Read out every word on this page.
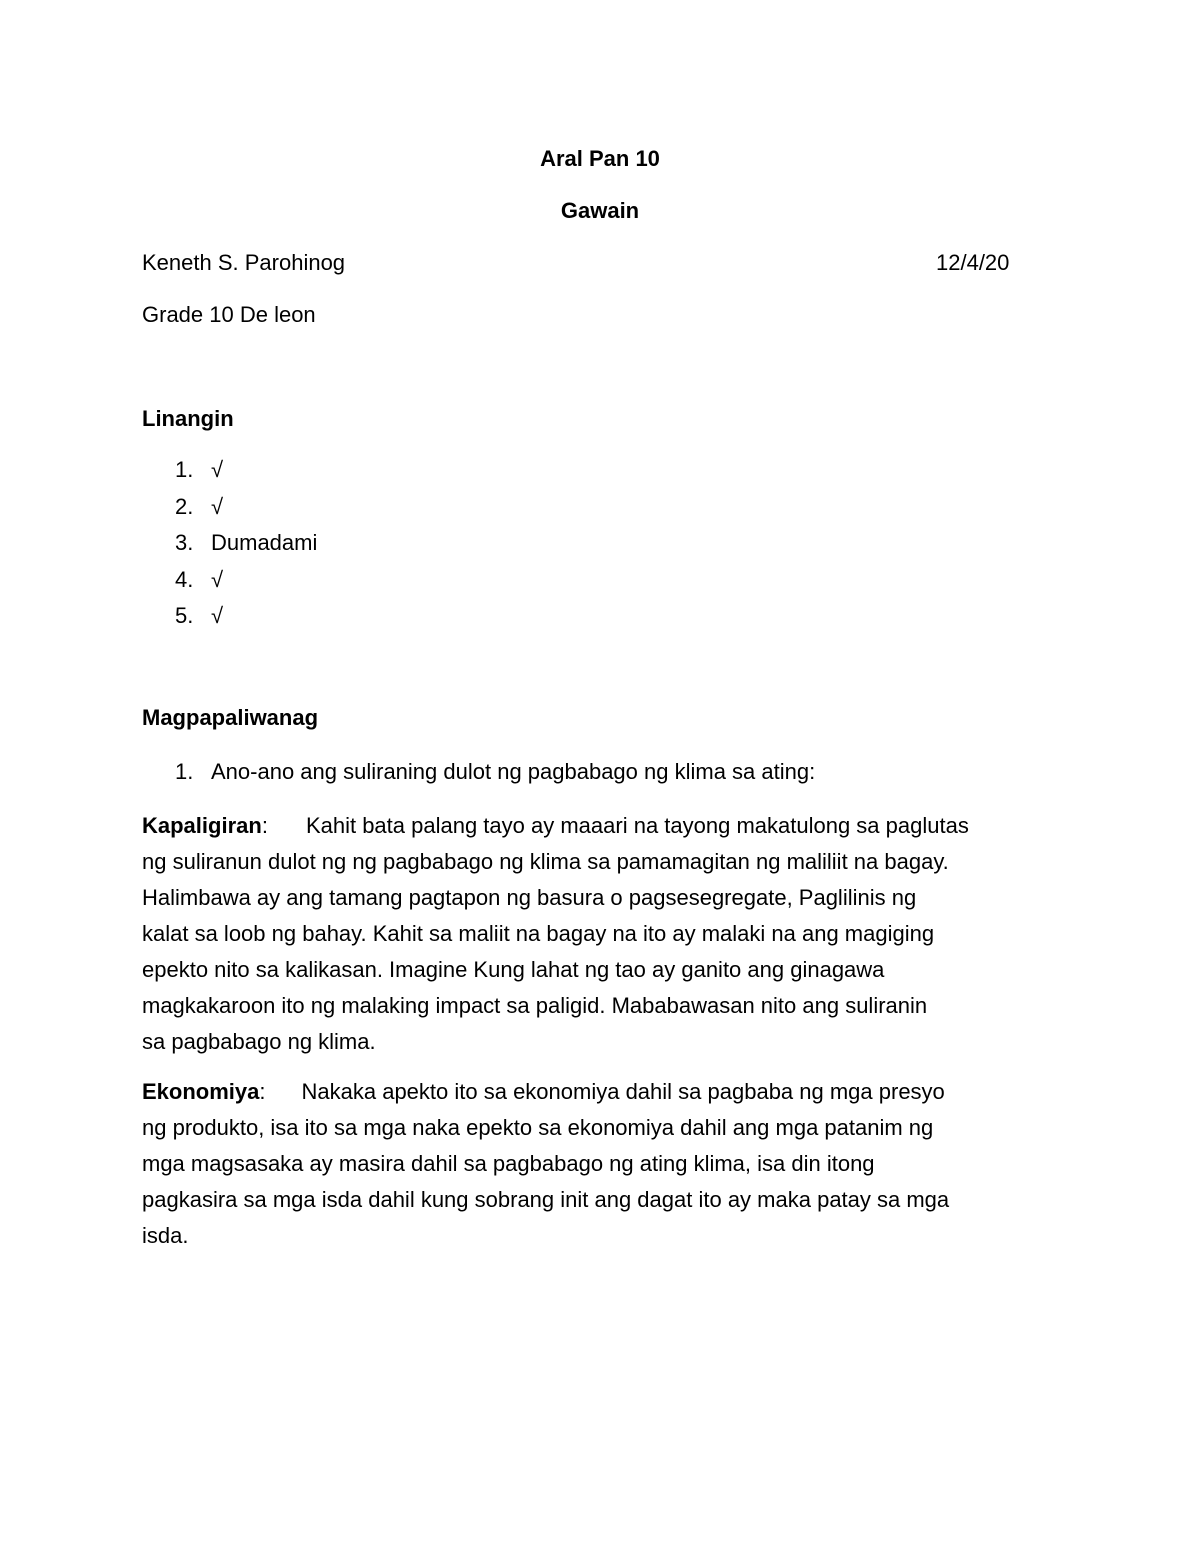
Aral Pan 10
Gawain
Keneth S. Parohinog	12/4/20
Grade 10 De leon
Linangin
1. √
2. √
3. Dumadami
4. √
5. √
Magpapaliwanag
1. Ano-ano ang suliraning dulot ng pagbabago ng klima sa ating:
Kapaligiran: Kahit bata palang tayo ay maaari na tayong makatulong sa paglutas
ng suliranun dulot ng ng pagbabago ng klima sa pamamagitan ng maliliit na bagay.
Halimbawa ay ang tamang pagtapon ng basura o pagsesegregate, Paglilinis ng
kalat sa loob ng bahay. Kahit sa maliit na bagay na ito ay malaki na ang magiging
epekto nito sa kalikasan. Imagine Kung lahat ng tao ay ganito ang ginagawa
magkakaroon ito ng malaking impact sa paligid. Mababawasan nito ang suliranin
sa pagbabago ng klima.
Ekonomiya: Nakaka apekto ito sa ekonomiya dahil sa pagbaba ng mga presyo
ng produkto, isa ito sa mga naka epekto sa ekonomiya dahil ang mga patanim ng
mga magsasaka ay masira dahil sa pagbabago ng ating klima, isa din itong
pagkasira sa mga isda dahil kung sobrang init ang dagat ito ay maka patay sa mga
isda.
